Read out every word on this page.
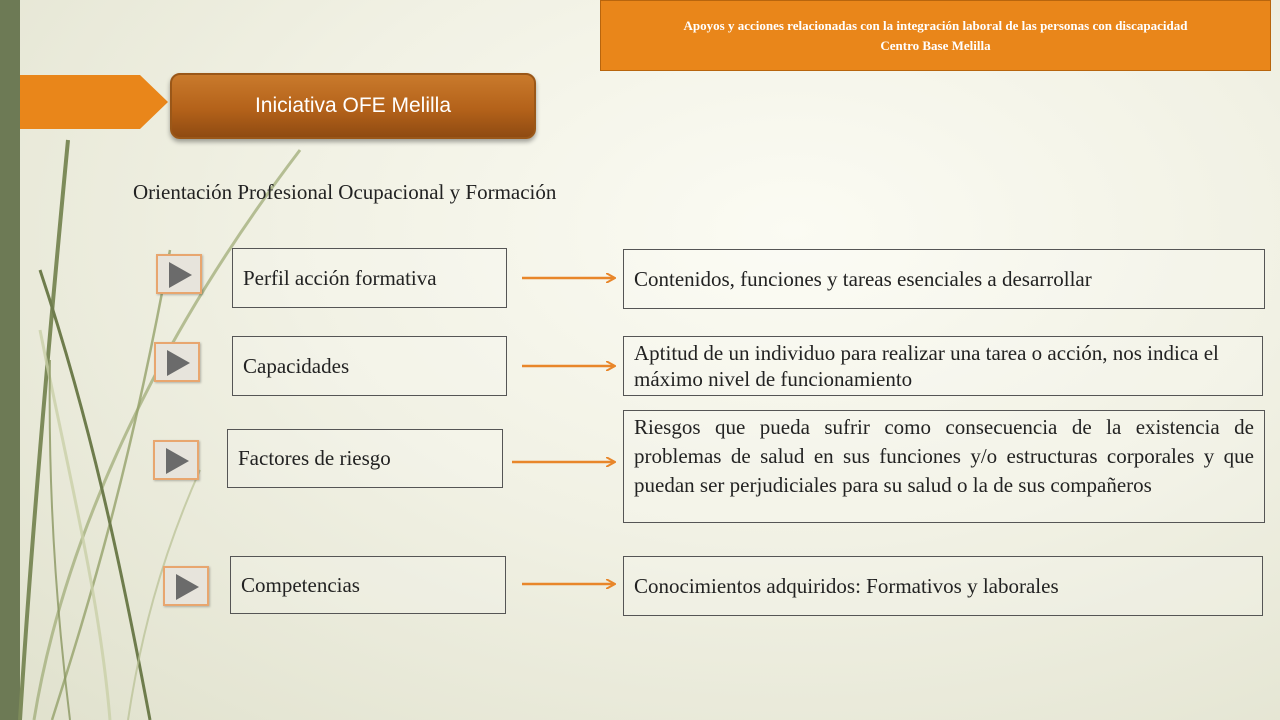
Apoyos y acciones relacionadas con la integración laboral de las personas con discapacidad
Centro Base Melilla
Iniciativa OFE Melilla
Orientación Profesional Ocupacional y Formación
Perfil acción formativa	Contenidos, funciones y tareas esenciales a desarrollar
Capacidades
Aptitud de un individuo para realizar una tarea o acción, nos indica el máximo nivel de funcionamiento
Factores de riesgo
Riesgos que pueda sufrir como consecuencia de la existencia de problemas de salud en sus funciones y/o estructuras corporales y que puedan ser perjudiciales para su salud o la de sus compañeros
Competencias	Conocimientos adquiridos: Formativos y laborales
